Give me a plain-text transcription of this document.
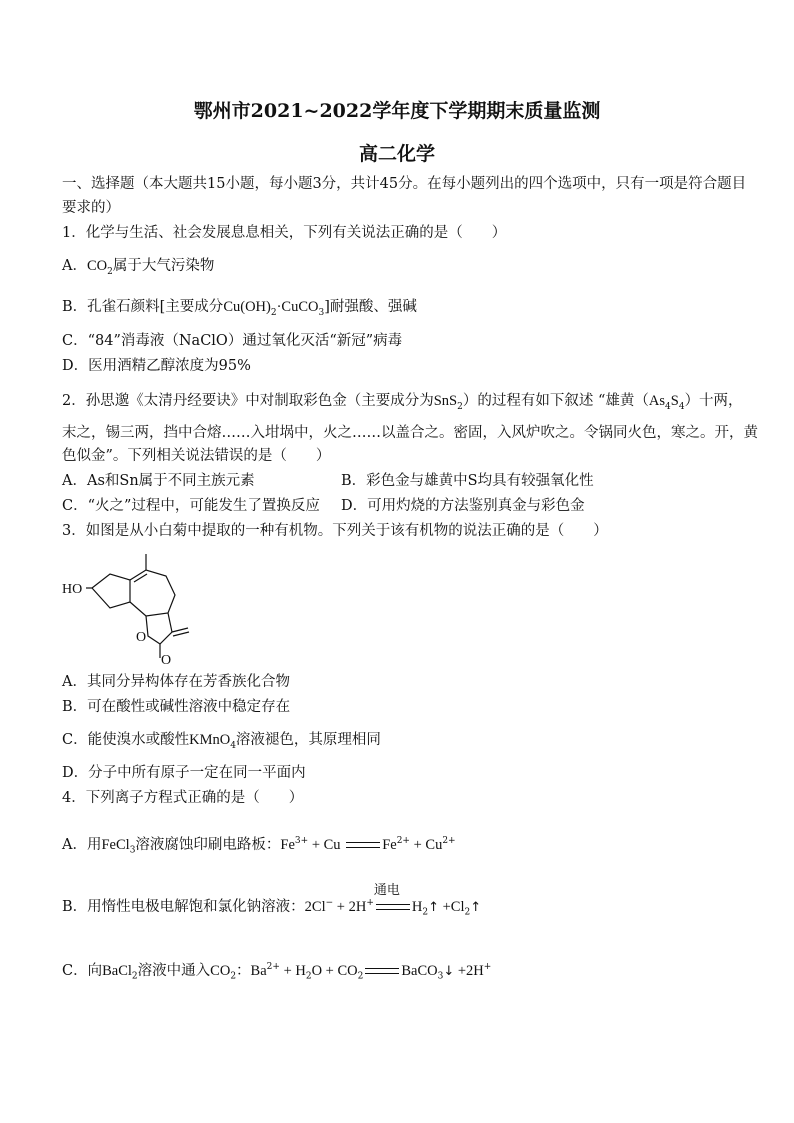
鄂州市2021~2022学年度下学期期末质量监测
高二化学
一、选择题（本大题共15小题，每小题3分，共计45分。在每小题列出的四个选项中，只有一项是符合题目
要求的）
1．化学与生活、社会发展息息相关，下列有关说法正确的是（　　）
A．$CO_2$属于大气污染物
B．孔雀石颜料[主要成分$Cu(OH)_2\cdot CuCO_3$]耐强酸、强碱
C．“84”消毒液（NaClO）通过氧化灭活“新冠”病毒
D．医用酒精乙醇浓度为95%
2．孙思邈《太清丹经要诀》中对制取彩色金（主要成分为SnS$_2$）的过程有如下叙述 “雄黄$(As_4S_4)$十两，
末之，锡三两，挡中合熔……入坩埚中，火之……以盖合之。密固，入风炉吹之。令锅同火色，寒之。开，黄
色似金”。下列相关说法错误的是（　　）
A．As和Sn属于不同主族元素	B．彩色金与雄黄中S均具有较强氧化性
C．“火之”过程中，可能发生了置换反应 D．可用灼烧的方法鉴别真金与彩色金
3．如图是从小白菊中提取的一种有机物。下列关于该有机物的说法正确的是（　　）
HO
O
O
A．其同分异构体存在芳香族化合物
B．可在酸性或碱性溶液中稳定存在
C．能使溴水或酸性KMnO$_4$溶液褪色，其原理相同
D．分子中所有原子一定在同一平面内
4．下列离子方程式正确的是（　　）
A．用FeCl$_3$溶液腐蚀印刷电路板：$Fe^{3+} + Cu$	$Fe^{2+} + Cu^{2+}$
B．用惰性电极电解饱和氯化钠溶液：2Cl− + 2H+
通电
$H_2↑$ $+Cl_2↑$
C．向BaCl$_2$溶液中通入$CO_2$：$Ba^{2+} + H_2O + CO_2$	BaCO$_3$↓ +2H+
